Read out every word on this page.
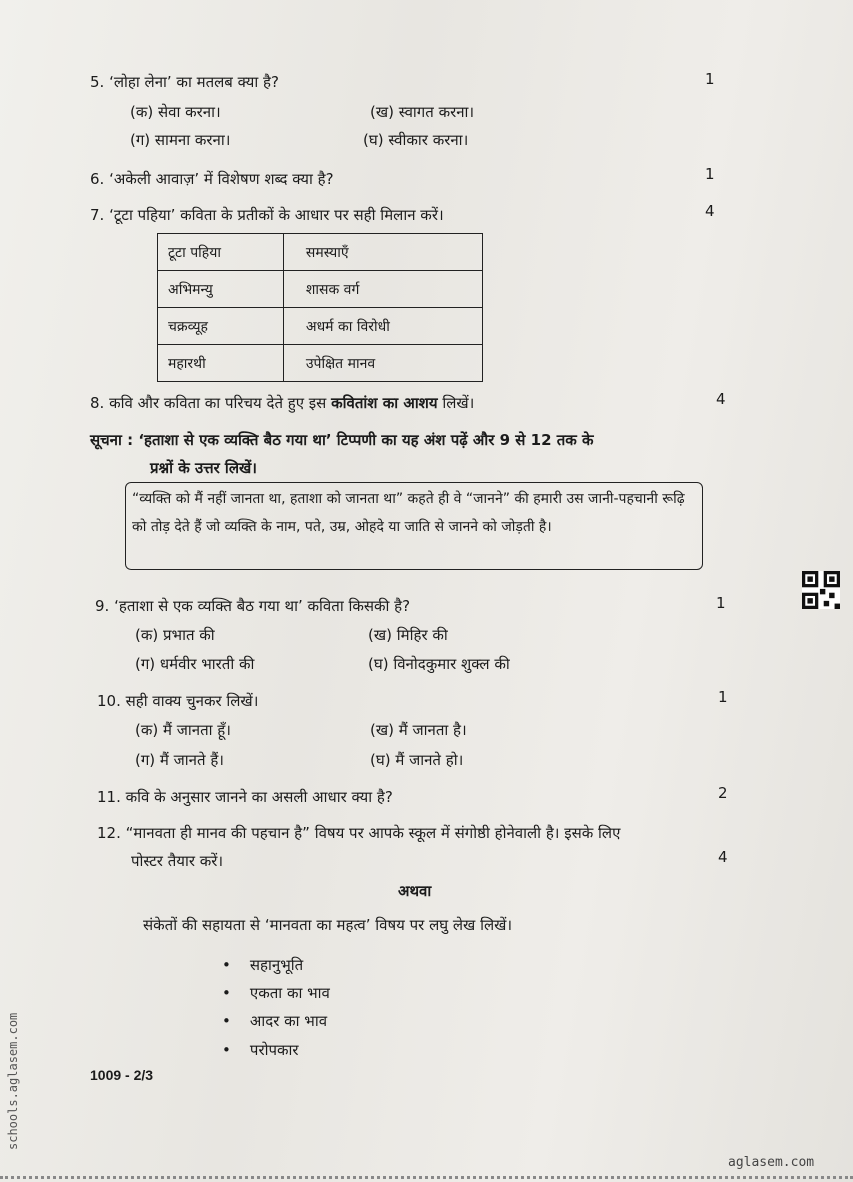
5. ‘लोहा लेना’ का मतलब क्या है?	1
(क) सेवा करना।	(ख) स्वागत करना।
(ग) सामना करना।	(घ) स्वीकार करना।
6. ‘अकेली आवाज़’ में विशेषण शब्द क्या है?	1
7. ‘टूटा पहिया’ कविता के प्रतीकों के आधार पर सही मिलान करें।	4
टूटा पहिया	समस्याएँ
अभिमन्यु	शासक वर्ग
चक्रव्यूह	अधर्म का विरोधी
महारथी	उपेक्षित मानव
8. कवि और कविता का परिचय देते हुए इस कवितांश का आशय लिखें।	4
सूचना : ‘हताशा से एक व्यक्ति बैठ गया था’ टिप्पणी का यह अंश पढ़ें और 9 से 12 तक के
प्रश्नों के उत्तर लिखें।
“व्यक्ति को मैं नहीं जानता था, हताशा को जानता था” कहते ही वे “जानने” की हमारी उस जानी-पहचानी रूढ़ि को तोड़ देते हैं जो व्यक्ति के नाम, पते, उम्र, ओहदे या जाति से जानने को जोड़ती है।
9. ‘हताशा से एक व्यक्ति बैठ गया था’ कविता किसकी है?	1
(क) प्रभात की	(ख) मिहिर की
(ग) धर्मवीर भारती की	(घ) विनोदकुमार शुक्ल की
10. सही वाक्य चुनकर लिखें।	1
(क) मैं जानता हूँ।	(ख) मैं जानता है।
(ग) मैं जानते हैं।	(घ) मैं जानते हो।
11. कवि के अनुसार जानने का असली आधार क्या है?	2
12. “मानवता ही मानव की पहचान है” विषय पर आपके स्कूल में संगोष्ठी होनेवाली है। इसके लिए
पोस्टर तैयार करें।	4
अथवा
संकेतों की सहायता से ‘मानवता का महत्व’ विषय पर लघु लेख लिखें।
•    सहानुभूति
•    एकता का भाव
•    आदर का भाव
•    परोपकार
1009 - 2/3
schools.aglasem.com
aglasem.com
